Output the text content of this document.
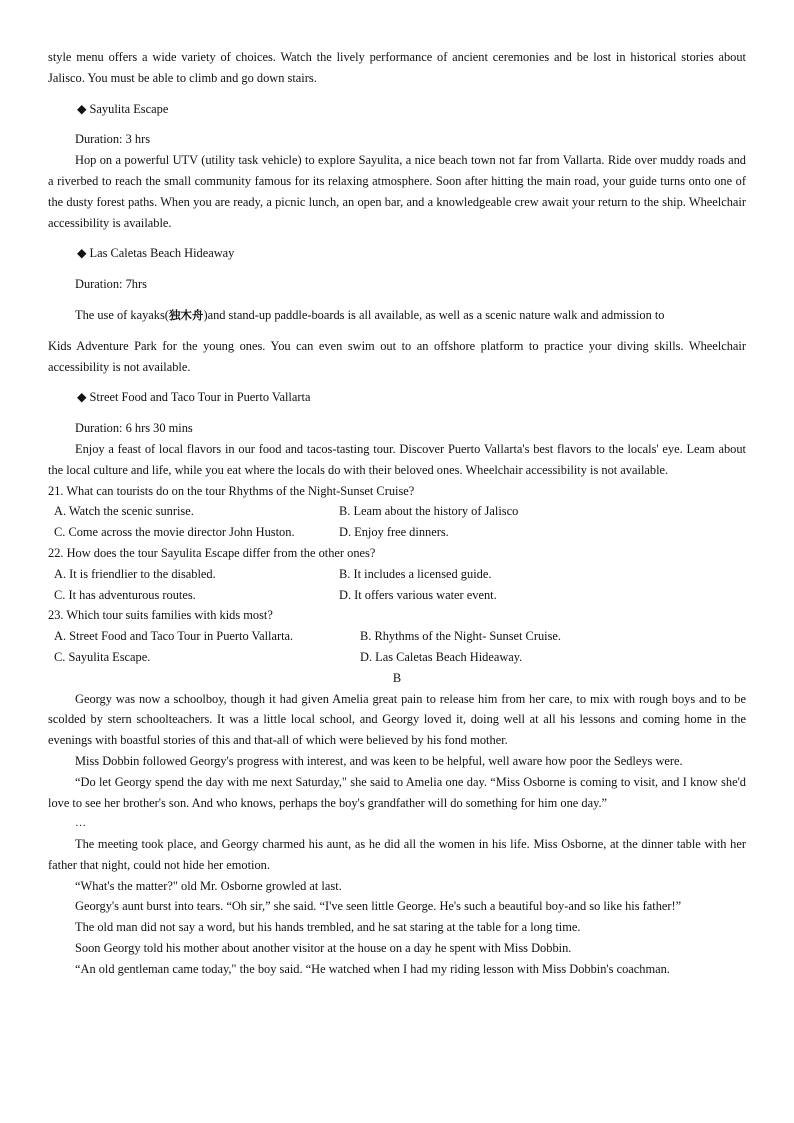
style menu offers a wide variety of choices. Watch the lively performance of ancient ceremonies and be lost in historical stories about Jalisco. You must be able to climb and go down stairs.

◆ Sayulita Escape

Duration: 3 hrs

Hop on a powerful UTV (utility task vehicle) to explore Sayulita, a nice beach town not far from Vallarta. Ride over muddy roads and a riverbed to reach the small community famous for its relaxing atmosphere. Soon after hitting the main road, your guide turns onto one of the dusty forest paths. When you are ready, a picnic lunch, an open bar, and a knowledgeable crew await your return to the ship. Wheelchair accessibility is available.

◆ Las Caletas Beach Hideaway

Duration: 7hrs

The use of kayaks(独木舟)and stand-up paddle-boards is all available, as well as a scenic nature walk and admission to

Kids Adventure Park for the young ones. You can even swim out to an offshore platform to practice your diving skills. Wheelchair accessibility is not available.

◆ Street Food and Taco Tour in Puerto Vallarta

Duration: 6 hrs 30 mins

Enjoy a feast of local flavors in our food and tacos-tasting tour. Discover Puerto Vallarta's best flavors to the locals' eye. Leam about the local culture and life, while you eat where the locals do with their beloved ones. Wheelchair accessibility is not available.

21. What can tourists do on the tour Rhythms of the Night-Sunset Cruise?

A. Watch the scenic sunrise.	B. Leam about the history of Jalisco
C. Come across the movie director John Huston.	D. Enjoy free dinners.

22. How does the tour Sayulita Escape differ from the other ones?

A. It is friendlier to the disabled.	B. It includes a licensed guide.
C. It has adventurous routes.	D. It offers various water event.

23. Which tour suits families with kids most?

A. Street Food and Taco Tour in Puerto Vallarta.	B. Rhythms of the Night- Sunset Cruise.
C. Sayulita Escape.	D. Las Caletas Beach Hideaway.

B

Georgy was now a schoolboy, though it had given Amelia great pain to release him from her care, to mix with rough boys and to be scolded by stern schoolteachers. It was a little local school, and Georgy loved it, doing well at all his lessons and coming home in the evenings with boastful stories of this and that-all of which were believed by his fond mother.

Miss Dobbin followed Georgy's progress with interest, and was keen to be helpful, well aware how poor the Sedleys were.

“Do let Georgy spend the day with me next Saturday," she said to Amelia one day. “Miss Osborne is coming to visit, and I know she'd love to see her brother's son. And who knows, perhaps the boy's grandfather will do something for him one day.”

…

The meeting took place, and Georgy charmed his aunt, as he did all the women in his life. Miss Osborne, at the dinner table with her father that night, could not hide her emotion.

“What's the matter?" old Mr. Osborne growled at last.

Georgy's aunt burst into tears. “Oh sir,” she said. “I've seen little George. He's such a beautiful boy-and so like his father!”

The old man did not say a word, but his hands trembled, and he sat staring at the table for a long time.

Soon Georgy told his mother about another visitor at the house on a day he spent with Miss Dobbin.

“An old gentleman came today," the boy said. “He watched when I had my riding lesson with Miss Dobbin's coachman.
